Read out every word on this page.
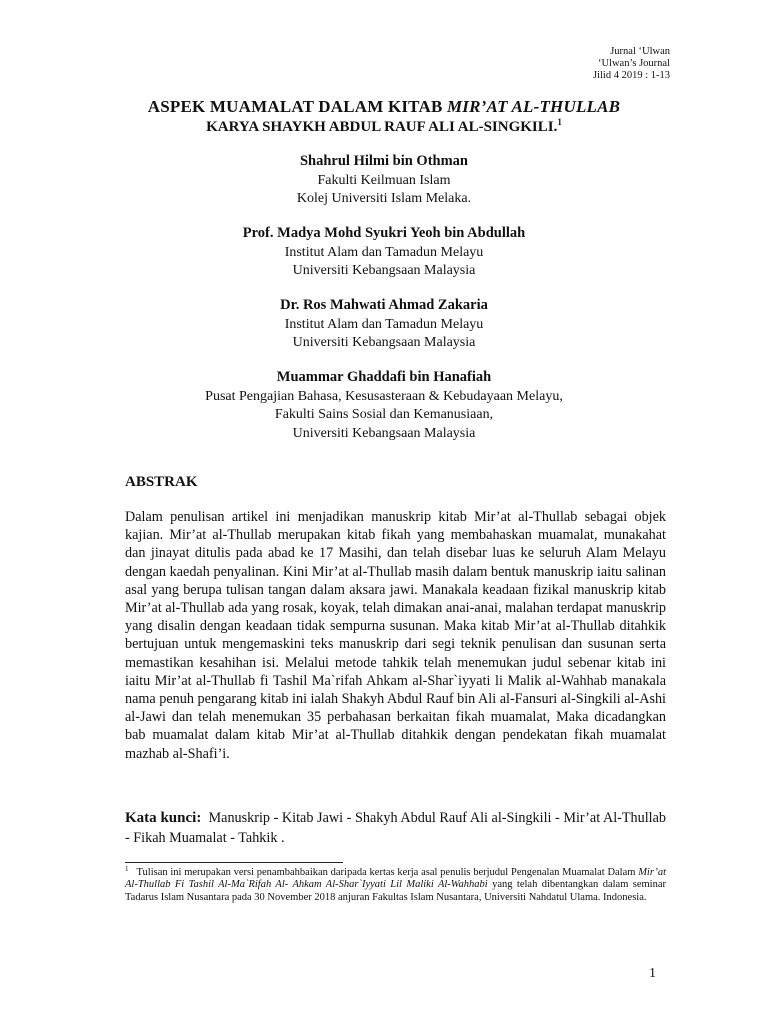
Jurnal ‘Ulwan
‘Ulwan’s Journal
Jilid 4 2019 : 1-13
ASPEK MUAMALAT DALAM KITAB MIR’AT AL-THULLAB
KARYA SHAYKH ABDUL RAUF ALI AL-SINGKILI.$^1$
Shahrul Hilmi bin Othman
Fakulti Keilmuan Islam
Kolej Universiti Islam Melaka.
Prof. Madya Mohd Syukri Yeoh bin Abdullah
Institut Alam dan Tamadun Melayu
Universiti Kebangsaan Malaysia
Dr. Ros Mahwati Ahmad Zakaria
Institut Alam dan Tamadun Melayu
Universiti Kebangsaan Malaysia
Muammar Ghaddafi bin Hanafiah
Pusat Pengajian Bahasa, Kesusasteraan & Kebudayaan Melayu,
Fakulti Sains Sosial dan Kemanusiaan,
Universiti Kebangsaan Malaysia
ABSTRAK
Dalam penulisan artikel ini menjadikan manuskrip kitab Mir’at al-Thullab sebagai objek kajian. Mir’at al-Thullab merupakan kitab fikah yang membahaskan muamalat, munakahat dan jinayat ditulis pada abad ke 17 Masihi, dan telah disebar luas ke seluruh Alam Melayu dengan kaedah penyalinan. Kini Mir’at al-Thullab masih dalam bentuk manuskrip iaitu salinan asal yang berupa tulisan tangan dalam aksara jawi. Manakala keadaan fizikal manuskrip kitab Mir’at al-Thullab ada yang rosak, koyak, telah dimakan anai-anai, malahan terdapat manuskrip yang disalin dengan keadaan tidak sempurna susunan. Maka kitab Mir’at al-Thullab ditahkik bertujuan untuk mengemaskini teks manuskrip dari segi teknik penulisan dan susunan serta memastikan kesahihan isi. Melalui metode tahkik telah menemukan judul sebenar kitab ini iaitu Mir’at al-Thullab fi Tashil Ma`rifah Ahkam al-Shar`iyyati li Malik al-Wahhab manakala nama penuh pengarang kitab ini ialah Shakyh Abdul Rauf bin Ali al-Fansuri al-Singkili al-Ashi al-Jawi dan telah menemukan 35 perbahasan berkaitan fikah muamalat, Maka dicadangkan bab muamalat dalam kitab Mir’at al-Thullab ditahkik dengan pendekatan fikah muamalat mazhab al-Shafi’i.
Kata kunci: Manuskrip - Kitab Jawi - Shakyh Abdul Rauf Ali al-Singkili - Mir’at Al-Thullab - Fikah Muamalat - Tahkik .
$^1$ Tulisan ini merupakan versi penambahbaikan daripada kertas kerja asal penulis berjudul Pengenalan Muamalat Dalam Mir’at Al-Thullab Fi Tashil Al-Ma`Rifah Al- Ahkam Al-Shar`Iyyati Lil Maliki Al-Wahhabi yang telah dibentangkan dalam seminar Tadarus Islam Nusantara pada 30 November 2018 anjuran Fakultas Islam Nusantara, Universiti Nahdatul Ulama. Indonesia.
1
